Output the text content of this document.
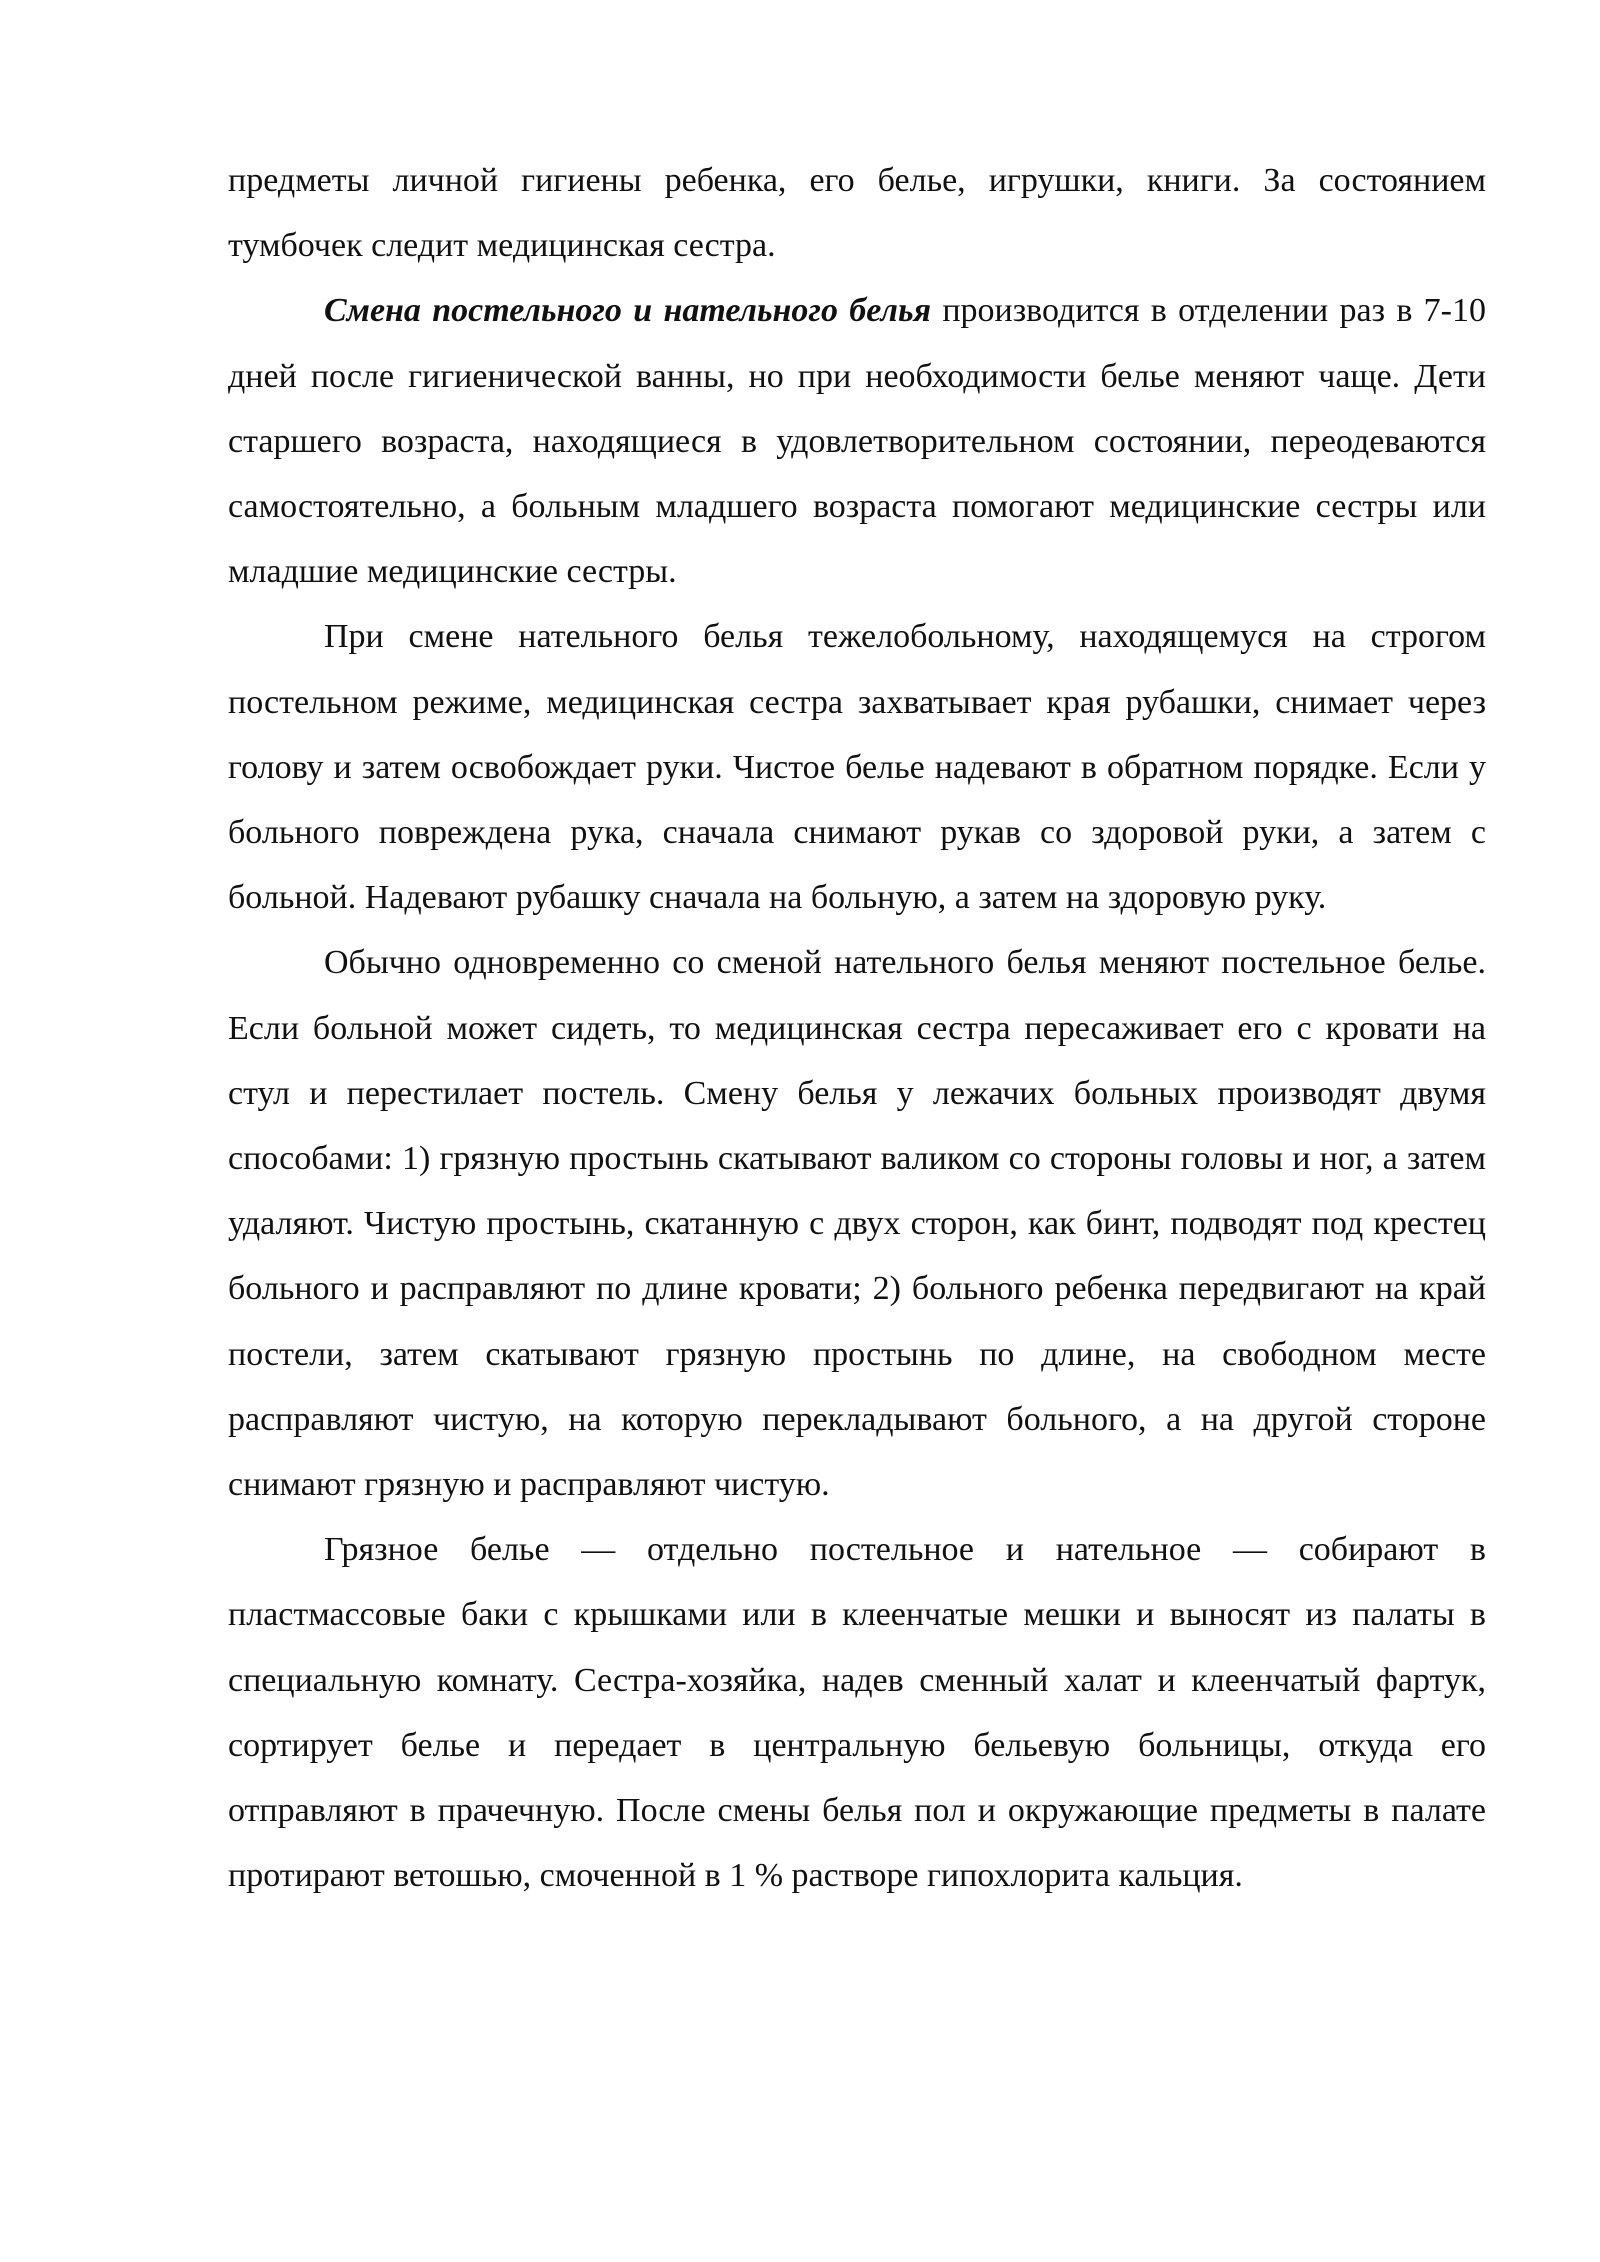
предметы личной гигиены ребенка, его белье, игрушки, книги. За состоянием тумбочек следит медицинская сестра.

Смена постельного и нательного белья производится в отделении раз в 7-10 дней после гигиенической ванны, но при необходимости белье меняют чаще. Дети старшего возраста, находящиеся в удовлетворительном состоянии, переодеваются самостоятельно, а больным младшего возраста помогают медицинские сестры или младшие медицинские сестры.

При смене нательного белья тежелобольному, находящемуся на строгом постельном режиме, медицинская сестра захватывает края рубашки, снимает через голову и затем освобождает руки. Чистое белье надевают в обратном порядке. Если у больного повреждена рука, сначала снимают рукав со здоровой руки, а затем с больной. Надевают рубашку сначала на больную, а затем на здоровую руку.

Обычно одновременно со сменой нательного белья меняют постельное белье. Если больной может сидеть, то медицинская сестра пересаживает его с кровати на стул и перестилает постель. Смену белья у лежачих больных производят двумя способами: 1) грязную простынь скатывают валиком со стороны головы и ног, а затем удаляют. Чистую простынь, скатанную с двух сторон, как бинт, подводят под крестец больного и расправляют по длине кровати; 2) больного ребенка передвигают на край постели, затем скатывают грязную простынь по длине, на свободном месте расправляют чистую, на которую перекладывают больного, а на другой стороне снимают грязную и расправляют чистую.

Грязное белье — отдельно постельное и нательное — собирают в пластмассовые баки с крышками или в клеенчатые мешки и выносят из палаты в специальную комнату. Сестра-хозяйка, надев сменный халат и клеенчатый фартук, сортирует белье и передает в центральную бельевую больницы, откуда его отправляют в прачечную. После смены белья пол и окружающие предметы в палате протирают ветошью, смоченной в 1 % растворе гипохлорита кальция.
